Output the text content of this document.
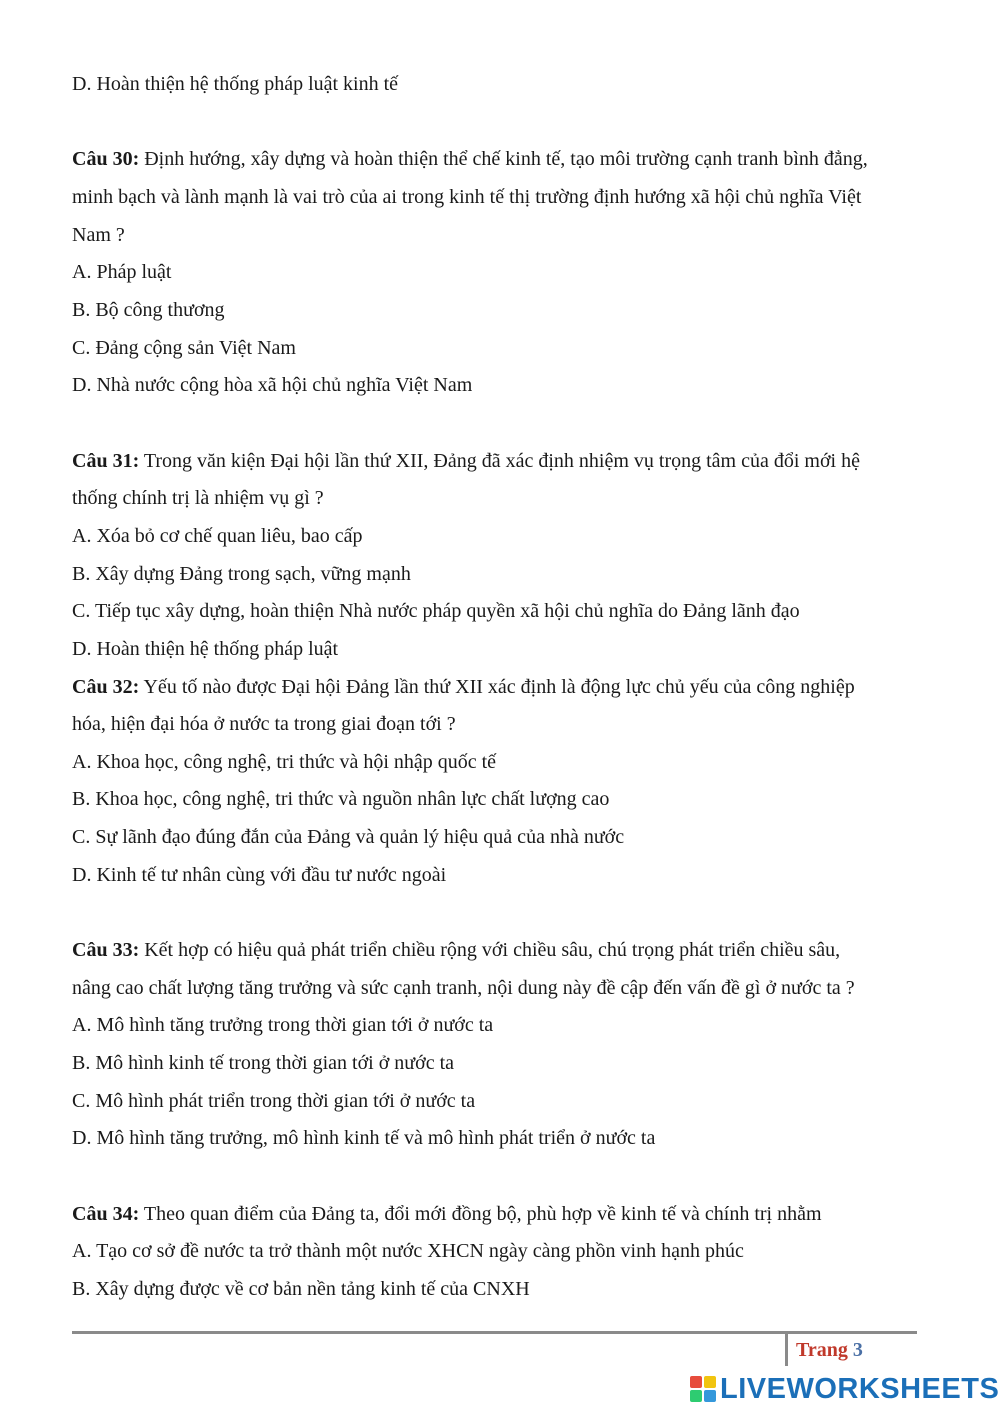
D. Hoàn thiện hệ thống pháp luật kinh tế
Câu 30: Định hướng, xây dựng và hoàn thiện thể chế kinh tế, tạo môi trường cạnh tranh bình đẳng,
minh bạch và lành mạnh là vai trò của ai trong kinh tế thị trường định hướng xã hội chủ nghĩa Việt
Nam ?
A. Pháp luật
B. Bộ công thương
C. Đảng cộng sản Việt Nam
D. Nhà nước cộng hòa xã hội chủ nghĩa Việt Nam
Câu 31: Trong văn kiện Đại hội lần thứ XII, Đảng đã xác định nhiệm vụ trọng tâm của đổi mới hệ
thống chính trị là nhiệm vụ gì ?
A. Xóa bỏ cơ chế quan liêu, bao cấp
B. Xây dựng Đảng trong sạch, vững mạnh
C. Tiếp tục xây dựng, hoàn thiện Nhà nước pháp quyền xã hội chủ nghĩa do Đảng lãnh đạo
D. Hoàn thiện hệ thống pháp luật
Câu 32: Yếu tố nào được Đại hội Đảng lần thứ XII xác định là động lực chủ yếu của công nghiệp
hóa, hiện đại hóa ở nước ta trong giai đoạn tới ?
A. Khoa học, công nghệ, tri thức và hội nhập quốc tế
B. Khoa học, công nghệ, tri thức và nguồn nhân lực chất lượng cao
C. Sự lãnh đạo đúng đắn của Đảng và quản lý hiệu quả của nhà nước
D. Kinh tế tư nhân cùng với đầu tư nước ngoài
Câu 33: Kết hợp có hiệu quả phát triển chiều rộng với chiều sâu, chú trọng phát triển chiều sâu,
nâng cao chất lượng tăng trưởng và sức cạnh tranh, nội dung này đề cập đến vấn đề gì ở nước ta ?
A. Mô hình tăng trưởng trong thời gian tới ở nước ta
B. Mô hình kinh tế trong thời gian tới ở nước ta
C. Mô hình phát triển trong thời gian tới ở nước ta
D. Mô hình tăng trưởng, mô hình kinh tế và mô hình phát triển ở nước ta
Câu 34: Theo quan điểm của Đảng ta, đổi mới đồng bộ, phù hợp về kinh tế và chính trị nhằm
A. Tạo cơ sở đề nước ta trở thành một nước XHCN ngày càng phồn vinh hạnh phúc
B. Xây dựng được về cơ bản nền tảng kinh tế của CNXH
Trang 3
LIVEWORKSHEETS
